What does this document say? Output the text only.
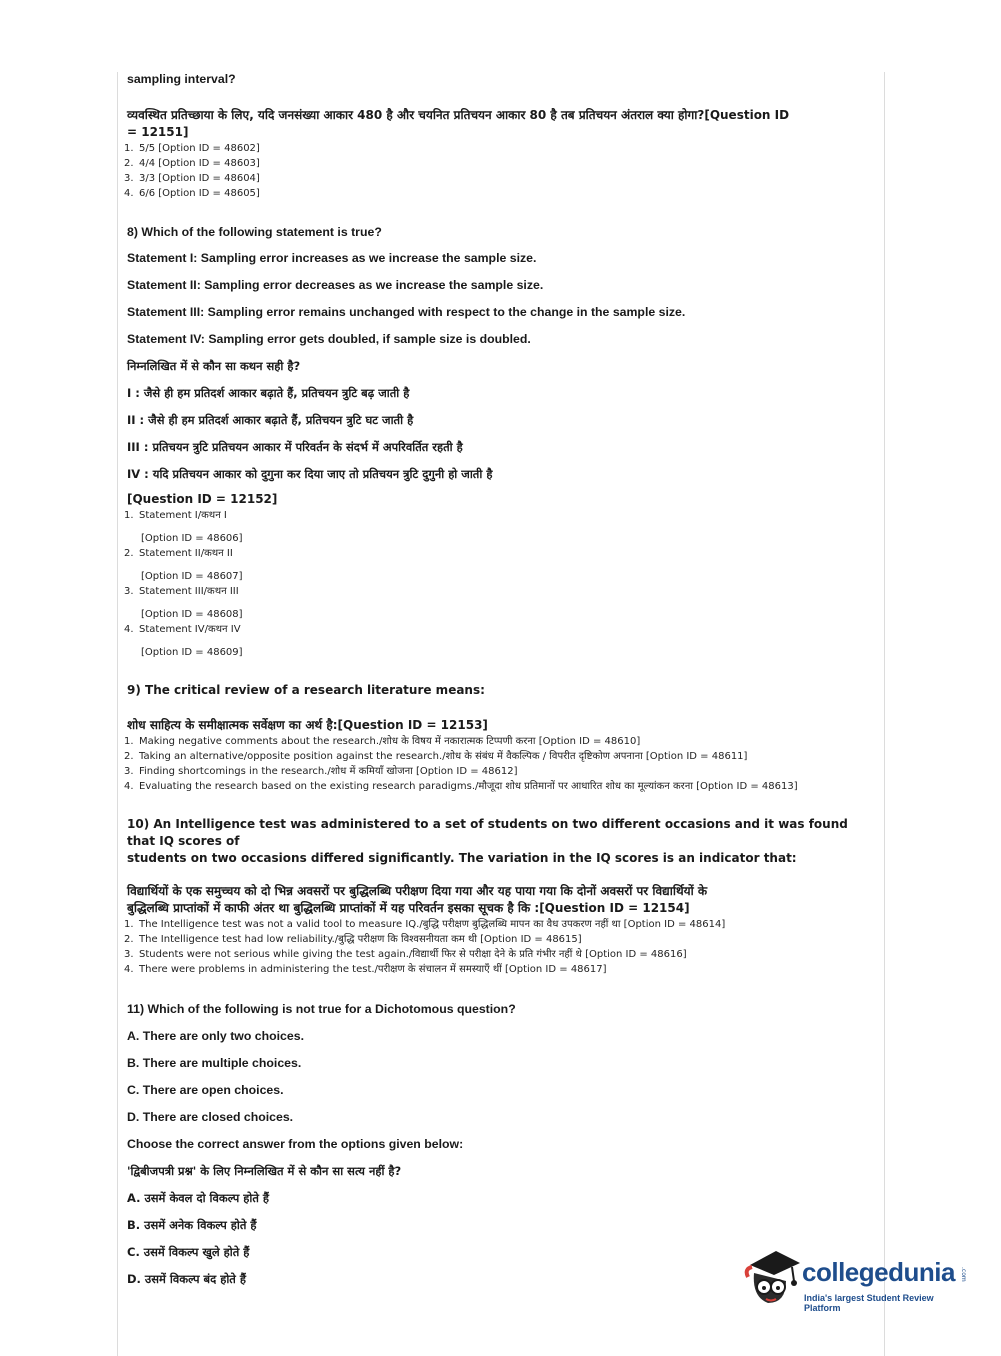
sampling interval?

व्यवस्थित प्रतिच्छाया के लिए, यदि जनसंख्या आकार 480 है और चयनित प्रतिचयन आकार 80 है तब प्रतिचयन अंतराल क्या होगा?[Question ID
= 12151]

1. 5/5 [Option ID = 48602]
2. 4/4 [Option ID = 48603]
3. 3/3 [Option ID = 48604]
4. 6/6 [Option ID = 48605]

8) Which of the following statement is true?

Statement I: Sampling error increases as we increase the sample size.

Statement II: Sampling error decreases as we increase the sample size.

Statement III: Sampling error remains unchanged with respect to the change in the sample size.

Statement IV: Sampling error gets doubled, if sample size is doubled.

निम्नलिखित में से कौन सा कथन सही है?

I : जैसे ही हम प्रतिदर्श आकार बढ़ाते हैं, प्रतिचयन त्रुटि बढ़ जाती है

II : जैसे ही हम प्रतिदर्श आकार बढ़ाते हैं, प्रतिचयन त्रुटि घट जाती है

III : प्रतिचयन त्रुटि प्रतिचयन आकार में परिवर्तन के संदर्भ में अपरिवर्तित रहती है

IV : यदि प्रतिचयन आकार को दुगुना कर दिया जाए तो प्रतिचयन त्रुटि दुगुनी हो जाती है

[Question ID = 12152]

1. Statement I/कथन I
[Option ID = 48606]
2. Statement II/कथन II
[Option ID = 48607]
3. Statement III/कथन III
[Option ID = 48608]
4. Statement IV/कथन IV
[Option ID = 48609]

9) The critical review of a research literature means:

शोध साहित्य के समीक्षात्मक सर्वेक्षण का अर्थ है:[Question ID = 12153]

1. Making negative comments about the research./शोध के विषय में नकारात्मक टिप्पणी करना [Option ID = 48610]
2. Taking an alternative/opposite position against the research./शोध के संबंध में वैकल्पिक / विपरीत दृष्टिकोण अपनाना [Option ID = 48611]
3. Finding shortcomings in the research./शोध में कमियाँ खोजना [Option ID = 48612]
4. Evaluating the research based on the existing research paradigms./मौजूदा शोध प्रतिमानों पर आधारित शोध का मूल्यांकन करना [Option ID = 48613]

10) An Intelligence test was administered to a set of students on two different occasions and it was found that IQ scores of
students on two occasions differed significantly. The variation in the IQ scores is an indicator that:

विद्यार्थियों के एक समुच्चय को दो भिन्न अवसरों पर बुद्धिलब्धि परीक्षण दिया गया और यह पाया गया कि दोनों अवसरों पर विद्यार्थियों के
बुद्धिलब्धि प्राप्तांकों में काफी अंतर था बुद्धिलब्धि प्राप्तांकों में यह परिवर्तन इसका सूचक है कि :[Question ID = 12154]

1. The Intelligence test was not a valid tool to measure IQ./बुद्धि परीक्षण बुद्धिलब्धि मापन का वैध उपकरण नहीं था [Option ID = 48614]
2. The Intelligence test had low reliability./बुद्धि परीक्षण कि विश्वसनीयता कम थी [Option ID = 48615]
3. Students were not serious while giving the test again./विद्यार्थी फिर से परीक्षा देने के प्रति गंभीर नहीं थे [Option ID = 48616]
4. There were problems in administering the test./परीक्षण के संचालन में समस्याएँ थीं [Option ID = 48617]

11) Which of the following is not true for a Dichotomous question?

A. There are only two choices.

B. There are multiple choices.

C. There are open choices.

D. There are closed choices.

Choose the correct answer from the options given below:

'द्विबीजपत्री प्रश्न' के लिए निम्नलिखित में से कौन सा सत्य नहीं है?

A. उसमें केवल दो विकल्प होते हैं

B. उसमें अनेक विकल्प होते हैं

C. उसमें विकल्प खुले होते हैं

D. उसमें विकल्प बंद होते हैं	collegedunia .com
India's largest Student Review Platform
